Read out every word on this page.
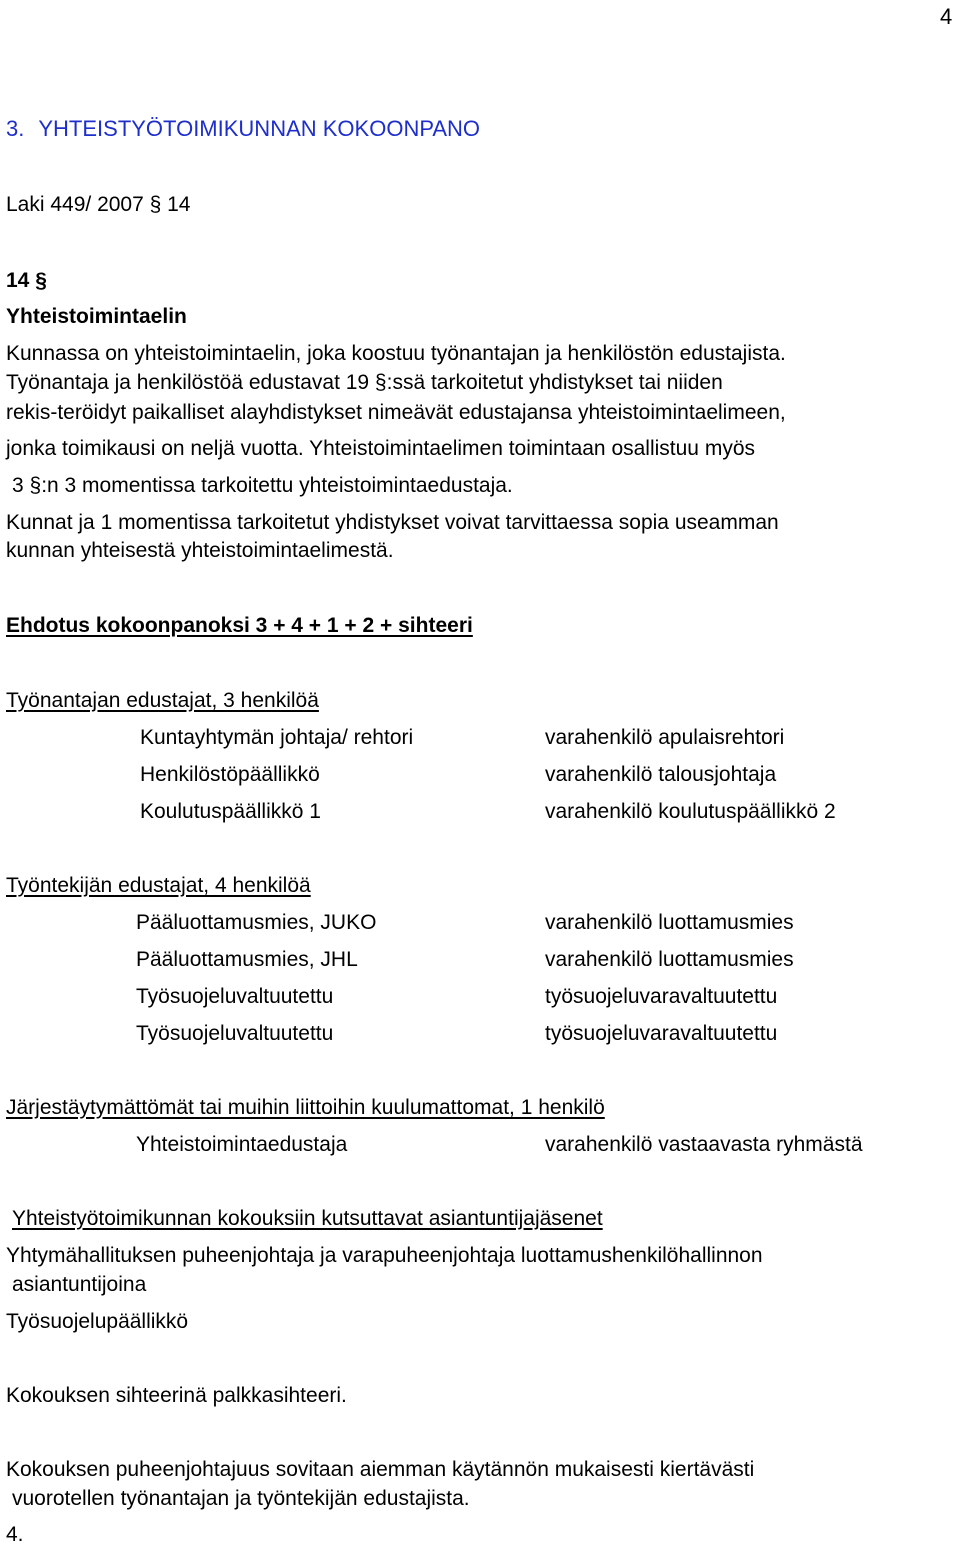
4
3. YHTEISTYÖTOIMIKUNNAN KOKOONPANO
Laki 449/ 2007 § 14
14 §
Yhteistoimintaelin
Kunnassa on yhteistoimintaelin, joka koostuu työnantajan ja henkilöstön edustajista.
Työnantaja ja henkilöstöä edustavat 19 §:ssä tarkoitetut yhdistykset tai niiden
rekis-teröidyt paikalliset alayhdistykset nimeävät edustajansa yhteistoimintaelimeen,
jonka toimikausi on neljä vuotta. Yhteistoimintaelimen toimintaan osallistuu myös
3 §:n 3 momentissa tarkoitettu yhteistoimintaedustaja.
Kunnat ja 1 momentissa tarkoitetut yhdistykset voivat tarvittaessa sopia useamman
kunnan yhteisestä yhteistoimintaelimestä.
Ehdotus kokoonpanoksi 3 + 4 + 1 + 2 + sihteeri
Työnantajan edustajat, 3 henkilöä
Kuntayhtymän johtaja/ rehtori	varahenkilö apulaisrehtori
Henkilöstöpäällikkö	varahenkilö talousjohtaja
Koulutuspäällikkö 1	varahenkilö koulutuspäällikkö 2
Työntekijän edustajat, 4 henkilöä
Pääluottamusmies, JUKO	varahenkilö luottamusmies
Pääluottamusmies, JHL	varahenkilö luottamusmies
Työsuojeluvaltuutettu	työsuojeluvaravaltuutettu
Työsuojeluvaltuutettu	työsuojeluvaravaltuutettu
Järjestäytymättömät tai muihin liittoihin kuulumattomat, 1 henkilö
Yhteistoimintaedustaja	varahenkilö vastaavasta ryhmästä
Yhteistyötoimikunnan kokouksiin kutsuttavat asiantuntijajäsenet
Yhtymähallituksen puheenjohtaja ja varapuheenjohtaja luottamushenkilöhallinnon
asiantuntijoina
Työsuojelupäällikkö
Kokouksen sihteerinä palkkasihteeri.
Kokouksen puheenjohtajuus sovitaan aiemman käytännön mukaisesti kiertävästi
vuorotellen työnantajan ja työntekijän edustajista.
4.
